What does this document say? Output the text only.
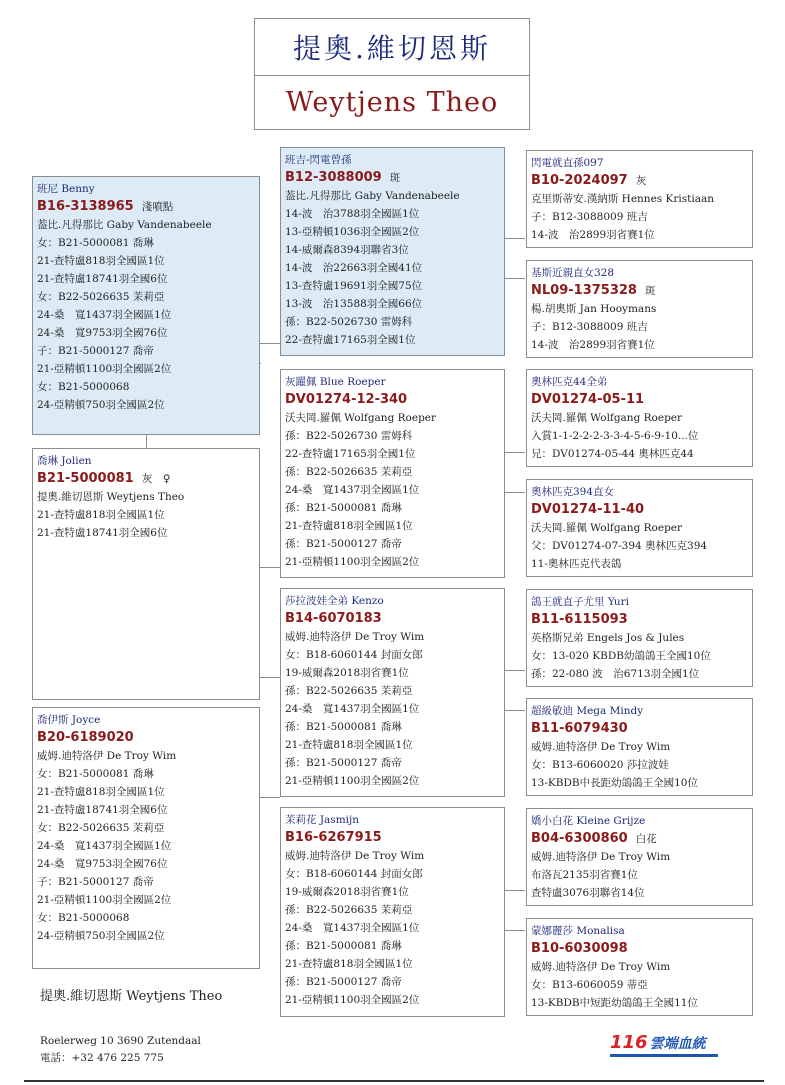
提奧.維切恩斯
Weytjens Theo
班尼 Benny
B16-3138965 淺噴點
葢比.凡得那比 Gaby Vandenabeele
女：B21-5000081 喬琳
21-查特盧818羽全國區1位
21-查特盧18741羽全國6位
女：B22-5026635 茉莉亞
24-桑　寬1437羽全國區1位
24-桑　寬9753羽全國76位
子：B21-5000127 喬帝
21-亞精頓1100羽全國區2位
女：B21-5000068
24-亞精頓750羽全國區2位
喬琳 Jolien
B21-5000081 灰　♀
提奧.維切恩斯 Weytjens Theo
21-查特盧818羽全國區1位
21-查特盧18741羽全國6位
喬伊斯 Joyce
B20-6189020
威姆.迪特洛伊 De Troy Wim
女：B21-5000081 喬琳
21-查特盧818羽全國區1位
21-查特盧18741羽全國6位
女：B22-5026635 茉莉亞
24-桑　寬1437羽全國區1位
24-桑　寬9753羽全國76位
子：B21-5000127 喬帝
21-亞精頓1100羽全國區2位
女：B21-5000068
24-亞精頓750羽全國區2位
班吉-閃電曾孫
B12-3088009 斑
葢比.凡得那比 Gaby Vandenabeele
14-波　治3788羽全國區1位
13-亞精頓1036羽全國區2位
14-威爾森8394羽聯省3位
14-波　治22663羽全國41位
13-查特盧19691羽全國75位
13-波　治13588羽全國66位
孫：B22-5026730 雷姆科
22-查特盧17165羽全國1位
灰躍佩 Blue Roeper
DV01274-12-340
沃夫岡.羅佩 Wolfgang Roeper
孫：B22-5026730 雷姆科
22-查特盧17165羽全國1位
孫：B22-5026635 茉莉亞
24-桑　寬1437羽全國區1位
孫：B21-5000081 喬琳
21-查特盧818羽全國區1位
孫：B21-5000127 喬帝
21-亞精頓1100羽全國區2位
莎拉波娃全弟 Kenzo
B14-6070183
威姆.迪特洛伊 De Troy Wim
女：B18-6060144 封面女郎
19-威爾森2018羽省賽1位
孫：B22-5026635 茉莉亞
24-桑　寬1437羽全國區1位
孫：B21-5000081 喬琳
21-查特盧818羽全國區1位
孫：B21-5000127 喬帝
21-亞精頓1100羽全國區2位
茉莉花 Jasmijn
B16-6267915
威姆.迪特洛伊 De Troy Wim
女：B18-6060144 封面女郎
19-威爾森2018羽省賽1位
孫：B22-5026635 茉莉亞
24-桑　寬1437羽全國區1位
孫：B21-5000081 喬琳
21-查特盧818羽全國區1位
孫：B21-5000127 喬帝
21-亞精頓1100羽全國區2位
閃電就直孫097
B10-2024097 灰
克里斯蒂安.漢納斯 Hennes Kristiaan
子：B12-3088009 班吉
14-波　治2899羽省賽1位
基斯近親直女328
NL09-1375328 斑
楊.胡奧斯 Jan Hooymans
子：B12-3088009 班吉
14-波　治2899羽省賽1位
奧林匹克44全弟
DV01274-05-11
沃夫岡.羅佩 Wolfgang Roeper
入賞1-1-2-2-2-3-3-4-5-6-9-10...位
兄：DV01274-05-44 奧林匹克44
奧林匹克394直女
DV01274-11-40
沃夫岡.羅佩 Wolfgang Roeper
父：DV01274-07-394 奧林匹克394
11-奧林匹克代表鴿
鴿王就直子尤里 Yuri
B11-6115093
英格斯兄弟 Engels Jos & Jules
女：13-020 KBDB幼鴿鴿王全國10位
孫：22-080 波　治6713羽全國1位
超級敏迪 Mega Mindy
B11-6079430
威姆.迪特洛伊 De Troy Wim
女：B13-6060020 莎拉波娃
13-KBDB中長距幼鴿鴿王全國10位
嬌小白花 Kleine Grijze
B04-6300860 白花
威姆.迪特洛伊 De Troy Wim
布洛瓦2135羽省賽1位
查特盧3076羽聯省14位
蒙娜麗莎 Monalisa
B10-6030098
威姆.迪特洛伊 De Troy Wim
女：B13-6060059 蒂亞
13-KBDB中短距幼鴿鴿王全國11位
提奧.維切恩斯 Weytjens Theo
Roelerweg 10 3690 Zutendaal
電話：+32 476 225 775
116 雲端血統
